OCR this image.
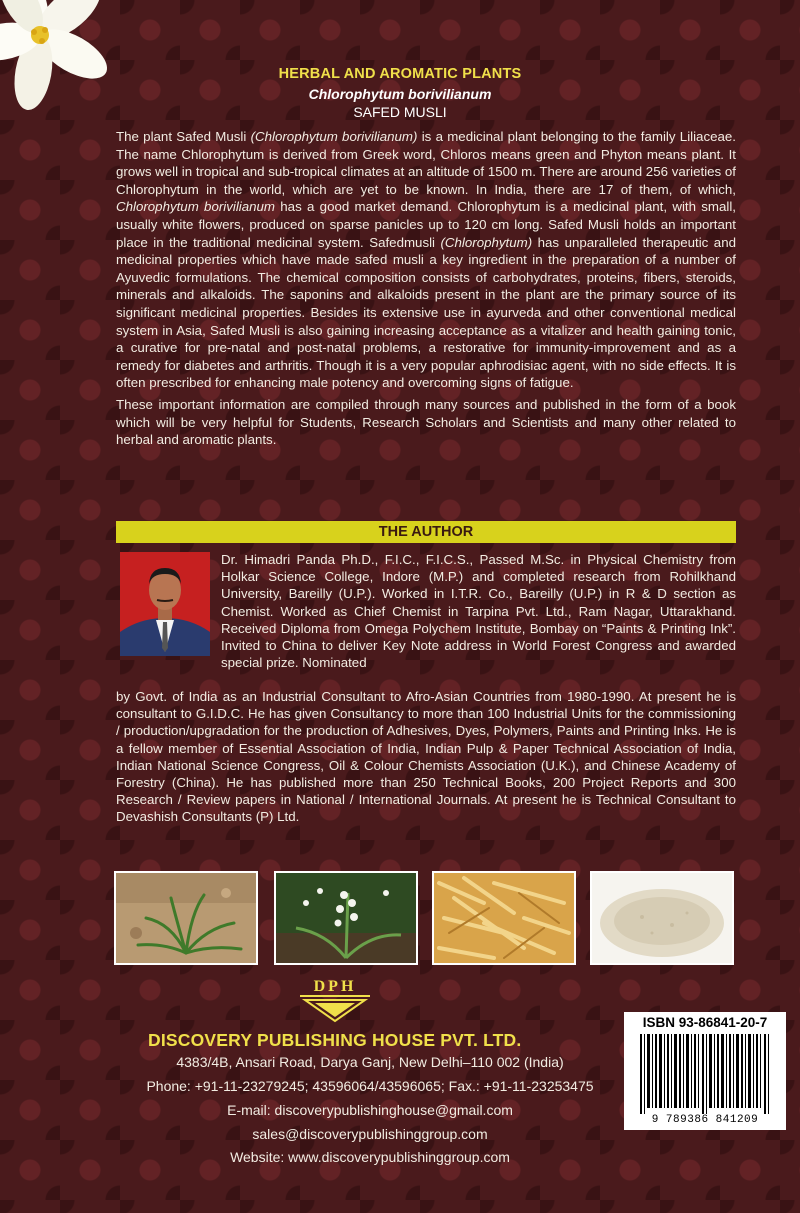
HERBAL AND AROMATIC PLANTS
Chlorophytum borivilianum
SAFED MUSLI

The plant Safed Musli (Chlorophytum borivilianum) is a medicinal plant belonging to the family Liliaceae. The name Chlorophytum is derived from Greek word, Chloros means green and Phyton means plant. It grows well in tropical and sub-tropical climates at an altitude of 1500 m. There are around 256 varieties of Chlorophytum in the world, which are yet to be known. In India, there are 17 of them, of which, Chlorophytum borivilianum has a good market demand. Chlorophytum is a medicinal plant, with small, usually white flowers, produced on sparse panicles up to 120 cm long. Safed Musli holds an important place in the traditional medicinal system. Safedmusli (Chlorophytum) has unparalleled therapeutic and medicinal properties which have made safed musli a key ingredient in the preparation of a number of Ayuvedic formulations. The chemical composition consists of carbohydrates, proteins, fibers, steroids, minerals and alkaloids. The saponins and alkaloids present in the plant are the primary source of its significant medicinal properties. Besides its extensive use in ayurveda and other conventional medical system in Asia, Safed Musli is also gaining increasing acceptance as a vitalizer and health gaining tonic, a curative for pre-natal and post-natal problems, a restorative for immunity-improvement and as a remedy for diabetes and arthritis. Though it is a very popular aphrodisiac agent, with no side effects. It is often prescribed for enhancing male potency and overcoming signs of fatigue.

These important information are compiled through many sources and published in the form of a book which will be very helpful for Students, Research Scholars and Scientists and many other related to herbal and aromatic plants.

THE AUTHOR
Dr. Himadri Panda Ph.D., F.I.C., F.I.C.S., Passed M.Sc. in Physical Chemistry from Holkar Science College, Indore (M.P.) and completed research from Rohilkhand University, Bareilly (U.P.). Worked in I.T.R. Co., Bareilly (U.P.) in R & D section as Chemist. Worked as Chief Chemist in Tarpina Pvt. Ltd., Ram Nagar, Uttarakhand. Received Diploma from Omega Polychem Institute, Bombay on “Paints & Printing Ink”. Invited to China to deliver Key Note address in World Forest Congress and awarded special prize. Nominated
by Govt. of India as an Industrial Consultant to Afro-Asian Countries from 1980-1990. At present he is consultant to G.I.D.C. He has given Consultancy to more than 100 Industrial Units for the commissioning / production/upgradation for the production of Adhesives, Dyes, Polymers, Paints and Printing Inks. He is a fellow member of Essential Association of India, Indian Pulp & Paper Technical Association of India, Indian National Science Congress, Oil & Colour Chemists Association (U.K.), and Chinese Academy of Forestry (China). He has published more than 250 Technical Books, 200 Project Reports and 300 Research / Review papers in National / International Journals. At present he is Technical Consultant to Devashish Consultants (P) Ltd.
DPH
DISCOVERY PUBLISHING HOUSE PVT. LTD.
4383/4B, Ansari Road, Darya Ganj, New Delhi–110 002 (India)
Phone: +91-11-23279245; 43596064/43596065; Fax.: +91-11-23253475
E-mail: discoverypublishinghouse@gmail.com
sales@discoverypublishinggroup.com
Website: www.discoverypublishinggroup.com
ISBN 93-86841-20-7
9 789386 841209
